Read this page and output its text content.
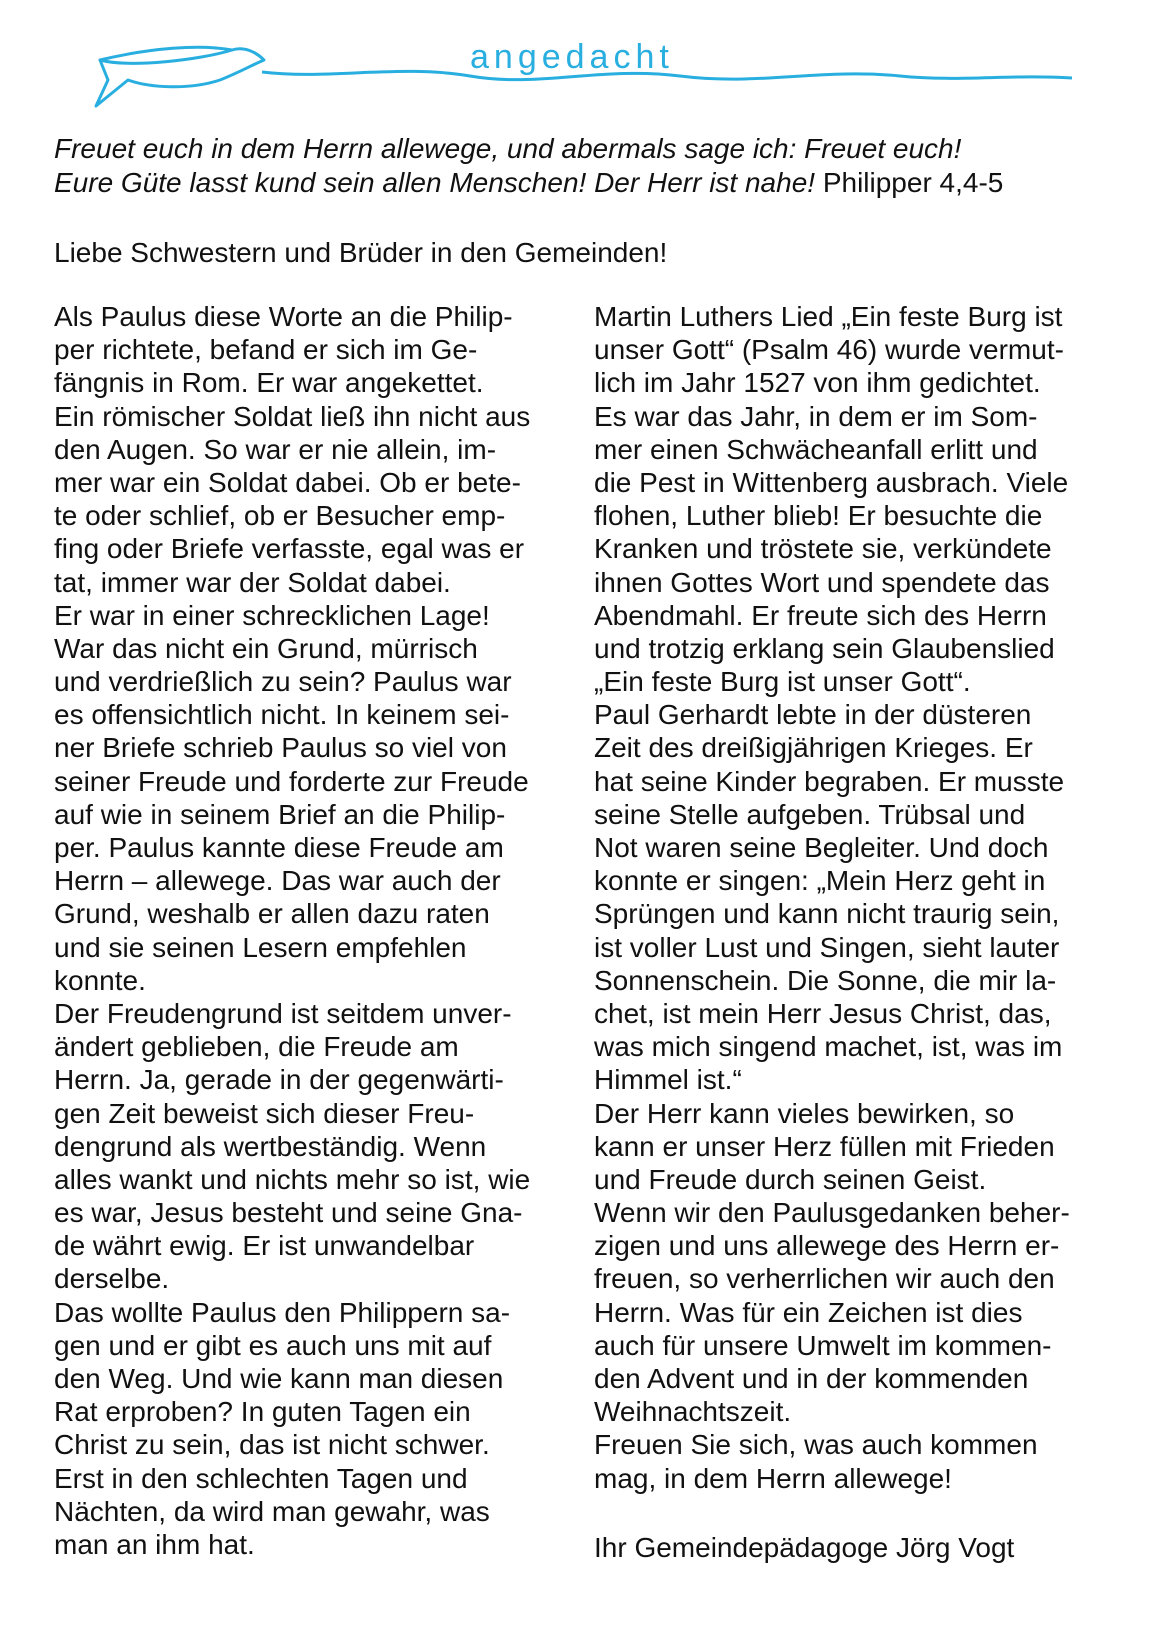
angedacht
Freuet euch in dem Herrn allewege, und abermals sage ich: Freuet euch!
Eure Güte lasst kund sein allen Menschen! Der Herr ist nahe! Philipper 4,4-5
Liebe Schwestern und Brüder in den Gemeinden!
Als Paulus diese Worte an die Philip-
per richtete, befand er sich im Ge-
fängnis in Rom. Er war angekettet.
Ein römischer Soldat ließ ihn nicht aus
den Augen. So war er nie allein, im-
mer war ein Soldat dabei. Ob er bete-
te oder schlief, ob er Besucher emp-
fing oder Briefe verfasste, egal was er
tat, immer war der Soldat dabei.
Er war in einer schrecklichen Lage!
War das nicht ein Grund, mürrisch
und verdrießlich zu sein? Paulus war
es offensichtlich nicht. In keinem sei-
ner Briefe schrieb Paulus so viel von
seiner Freude und forderte zur Freude
auf wie in seinem Brief an die Philip-
per. Paulus kannte diese Freude am
Herrn – allewege. Das war auch der
Grund, weshalb er allen dazu raten
und sie seinen Lesern empfehlen
konnte.
Der Freudengrund ist seitdem unver-
ändert geblieben, die Freude am
Herrn. Ja, gerade in der gegenwärti-
gen Zeit beweist sich dieser Freu-
dengrund als wertbeständig. Wenn
alles wankt und nichts mehr so ist, wie
es war, Jesus besteht und seine Gna-
de währt ewig. Er ist unwandelbar
derselbe.
Das wollte Paulus den Philippern sa-
gen und er gibt es auch uns mit auf
den Weg. Und wie kann man diesen
Rat erproben? In guten Tagen ein
Christ zu sein, das ist nicht schwer.
Erst in den schlechten Tagen und
Nächten, da wird man gewahr, was
man an ihm hat.
Martin Luthers Lied „Ein feste Burg ist
unser Gott“ (Psalm 46) wurde vermut-
lich im Jahr 1527 von ihm gedichtet.
Es war das Jahr, in dem er im Som-
mer einen Schwächeanfall erlitt und
die Pest in Wittenberg ausbrach. Viele
flohen, Luther blieb! Er besuchte die
Kranken und tröstete sie, verkündete
ihnen Gottes Wort und spendete das
Abendmahl. Er freute sich des Herrn
und trotzig erklang sein Glaubenslied
„Ein feste Burg ist unser Gott“.
Paul Gerhardt lebte in der düsteren
Zeit des dreißigjährigen Krieges. Er
hat seine Kinder begraben. Er musste
seine Stelle aufgeben. Trübsal und
Not waren seine Begleiter. Und doch
konnte er singen: „Mein Herz geht in
Sprüngen und kann nicht traurig sein,
ist voller Lust und Singen, sieht lauter
Sonnenschein. Die Sonne, die mir la-
chet, ist mein Herr Jesus Christ, das,
was mich singend machet, ist, was im
Himmel ist.“
Der Herr kann vieles bewirken, so
kann er unser Herz füllen mit Frieden
und Freude durch seinen Geist.
Wenn wir den Paulusgedanken beher-
zigen und uns allewege des Herrn er-
freuen, so verherrlichen wir auch den
Herrn. Was für ein Zeichen ist dies
auch für unsere Umwelt im kommen-
den Advent und in der kommenden
Weihnachtszeit.
Freuen Sie sich, was auch kommen
mag, in dem Herrn allewege!
Ihr Gemeindepädagoge Jörg Vogt
